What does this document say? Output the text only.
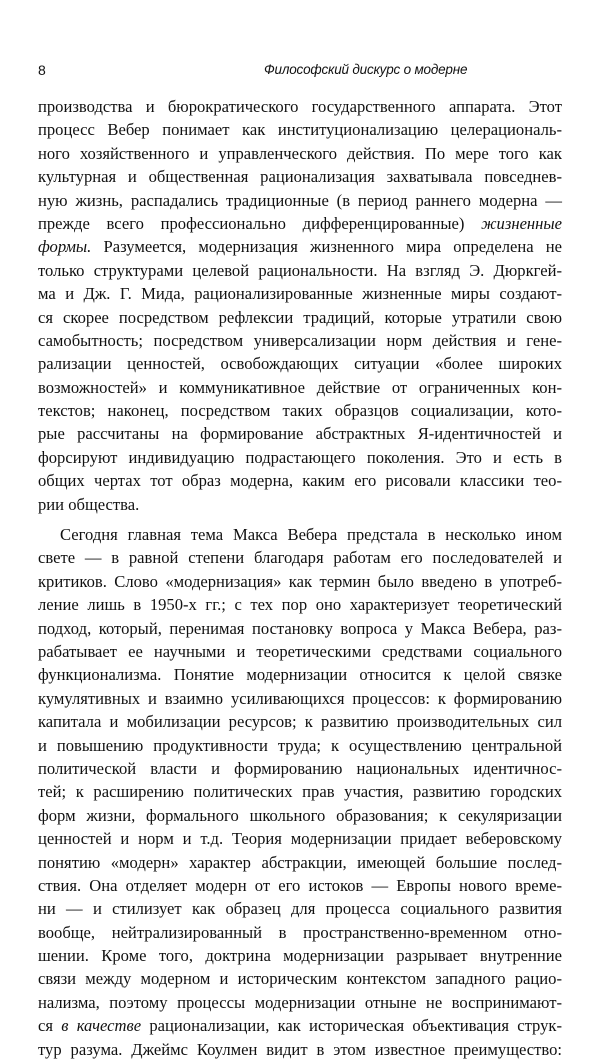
8	Философский дискурс о модерне
производства и бюрократического государственного аппарата. Этот
процесс Вебер понимает как институционализацию целерациональ-
ного хозяйственного и управленческого действия. По мере того как
культурная и общественная рационализация захватывала повседнев-
ную жизнь, распадались традиционные (в период раннего модерна —
прежде всего профессионально дифференцированные) жизненные
формы. Разумеется, модернизация жизненного мира определена не
только структурами целевой рациональности. На взгляд Э. Дюркгей-
ма и Дж. Г. Мида, рационализированные жизненные миры создают-
ся скорее посредством рефлексии традиций, которые утратили свою
самобытность; посредством универсализации норм действия и гене-
рализации ценностей, освобождающих ситуации «более широких
возможностей» и коммуникативное действие от ограниченных кон-
текстов; наконец, посредством таких образцов социализации, кото-
рые рассчитаны на формирование абстрактных Я-идентичностей и
форсируют индивидуацию подрастающего поколения. Это и есть в
общих чертах тот образ модерна, каким его рисовали классики тео-
рии общества.
Сегодня главная тема Макса Вебера предстала в несколько ином
свете — в равной степени благодаря работам его последователей и
критиков. Слово «модернизация» как термин было введено в употреб-
ление лишь в 1950-х гг.; с тех пор оно характеризует теоретический
подход, который, перенимая постановку вопроса у Макса Вебера, раз-
рабатывает ее научными и теоретическими средствами социального
функционализма. Понятие модернизации относится к целой связке
кумулятивных и взаимно усиливающихся процессов: к формированию
капитала и мобилизации ресурсов; к развитию производительных сил
и повышению продуктивности труда; к осуществлению центральной
политической власти и формированию национальных идентичнос-
тей; к расширению политических прав участия, развитию городских
форм жизни, формального школьного образования; к секуляризации
ценностей и норм и т.д. Теория модернизации придает веберовскому
понятию «модерн» характер абстракции, имеющей большие послед-
ствия. Она отделяет модерн от его истоков — Европы нового време-
ни — и стилизует как образец для процесса социального развития
вообще, нейтрализированный в пространственно-временном отно-
шении. Кроме того, доктрина модернизации разрывает внутренние
связи между модерном и историческим контекстом западного рацио-
нализма, поэтому процессы модернизации отныне не воспринимают-
ся в качестве рационализации, как историческая объективация струк-
тур разума. Джеймс Коулмен видит в этом известное преимущество:
